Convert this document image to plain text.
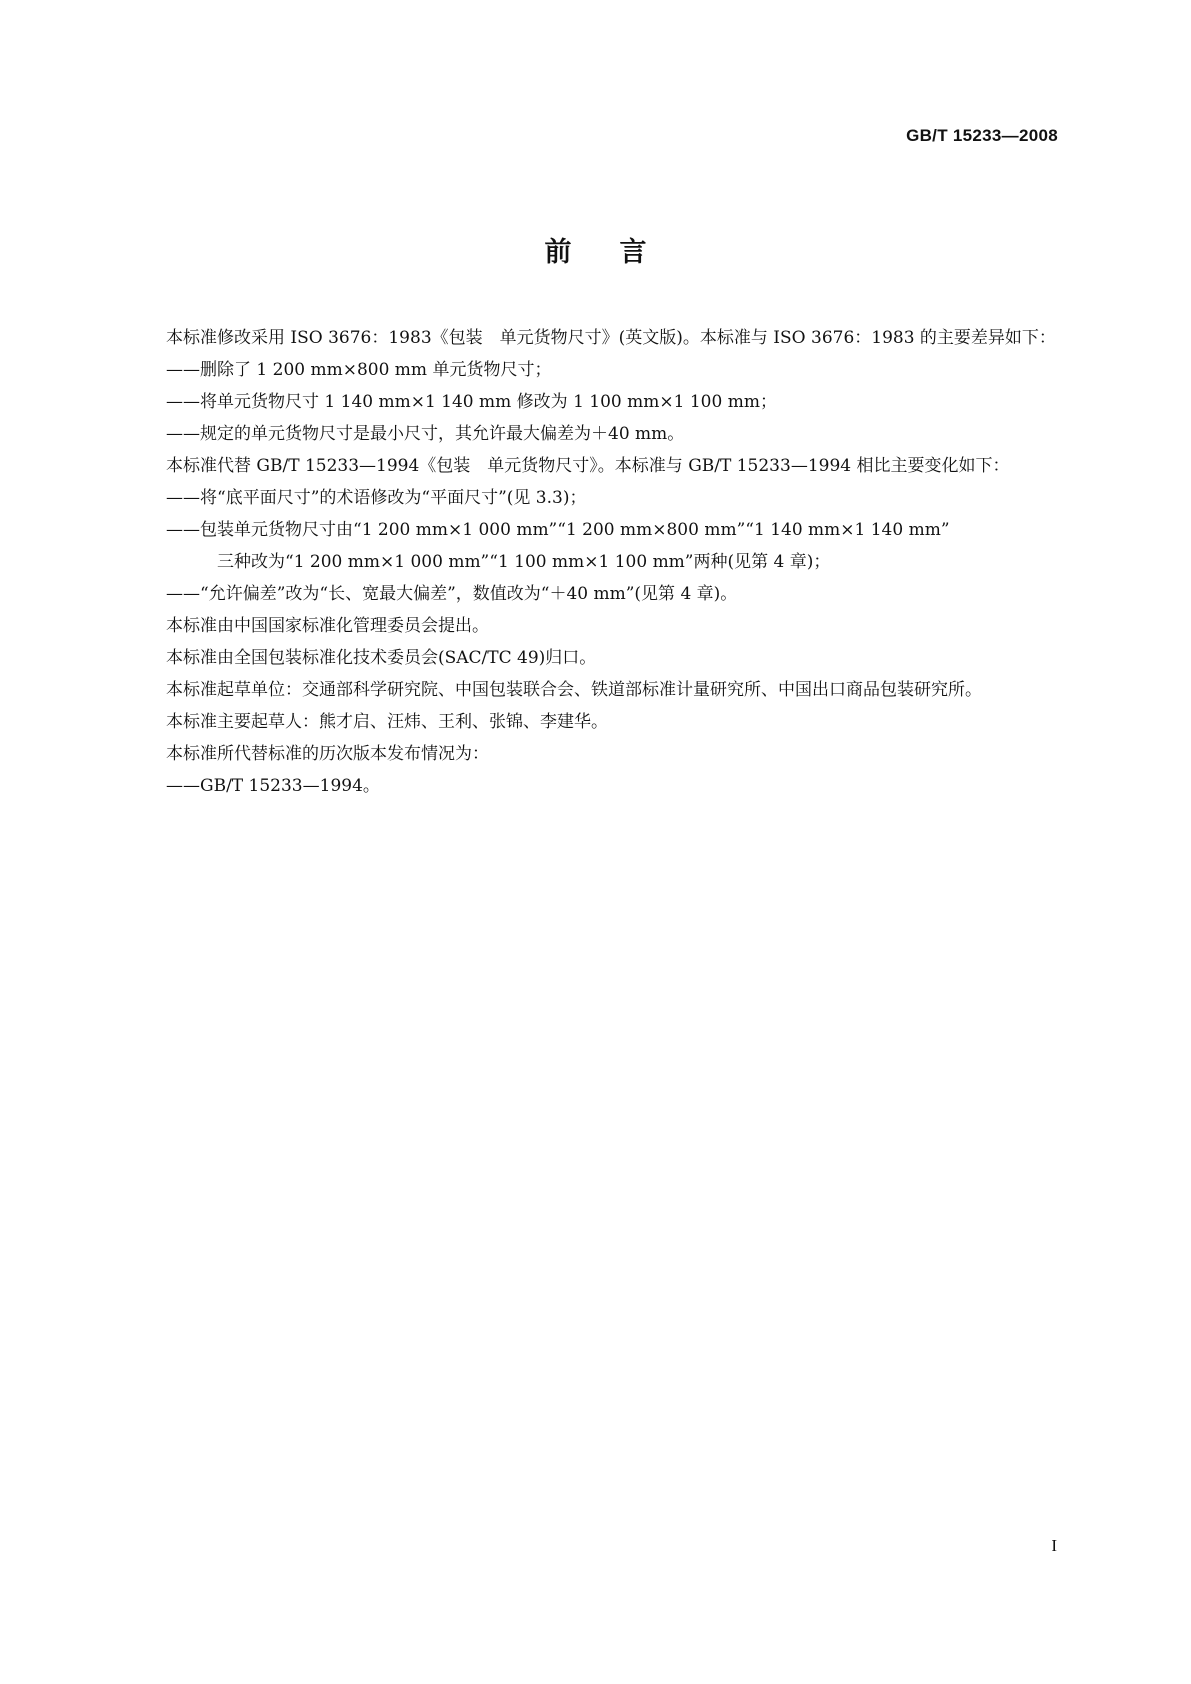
GB/T 15233—2008
前言

本标准修改采用 ISO 3676：1983《包装　单元货物尺寸》(英文版)。本标准与 ISO 3676：1983 的主要差异如下：

——删除了 1 200 mm×800 mm 单元货物尺寸；

——将单元货物尺寸 1 140 mm×1 140 mm 修改为 1 100 mm×1 100 mm；

——规定的单元货物尺寸是最小尺寸，其允许最大偏差为＋40 mm。

本标准代替 GB/T 15233—1994《包装　单元货物尺寸》。本标准与 GB/T 15233—1994 相比主要变化如下：

——将“底平面尺寸”的术语修改为“平面尺寸”(见 3.3)；

——包装单元货物尺寸由“1 200 mm×1 000 mm”“1 200 mm×800 mm”“1 140 mm×1 140 mm”

三种改为“1 200 mm×1 000 mm”“1 100 mm×1 100 mm”两种(见第 4 章)；

——“允许偏差”改为“长、宽最大偏差”，数值改为“＋40 mm”(见第 4 章)。

本标准由中国国家标准化管理委员会提出。

本标准由全国包装标准化技术委员会(SAC/TC 49)归口。

本标准起草单位：交通部科学研究院、中国包装联合会、铁道部标准计量研究所、中国出口商品包装研究所。

本标准主要起草人：熊才启、汪炜、王利、张锦、李建华。

本标准所代替标准的历次版本发布情况为：

——GB/T 15233—1994。

I
